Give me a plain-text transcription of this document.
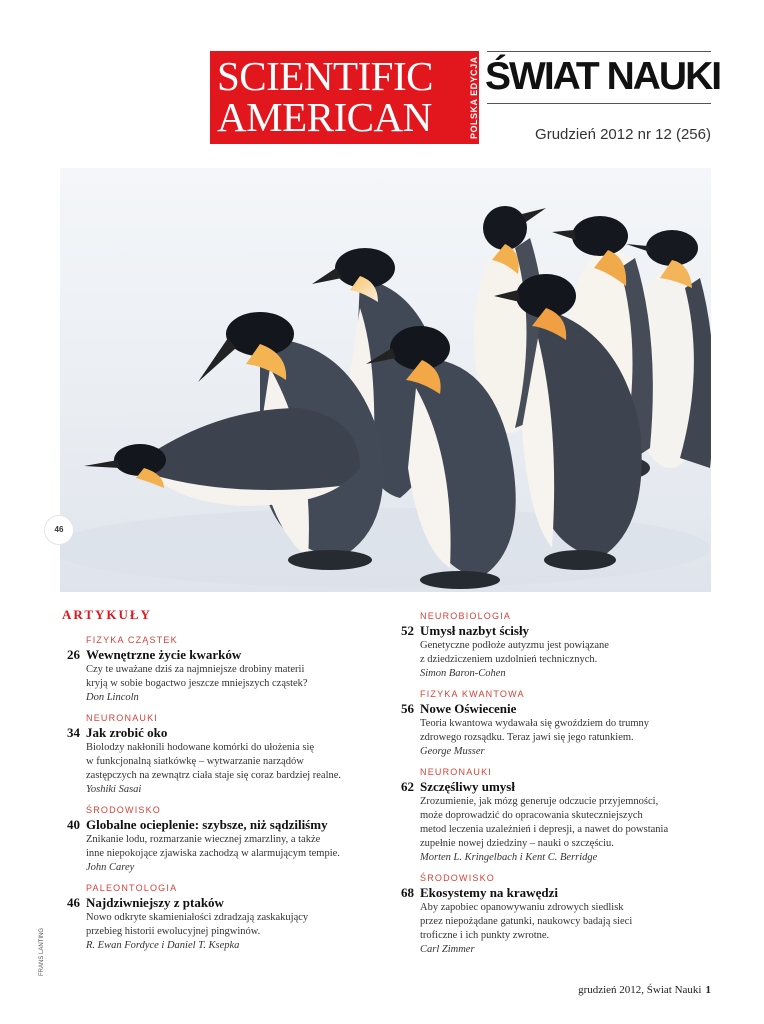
SCIENTIFIC
AMERICAN	POLSKA EDYCJA ŚWIAT NAUKI
Grudzień 2012 nr 12 (256)
46
FRANS LANTING
ARTYKUŁY
FIZYKA CZĄSTEK
26 Wewnętrzne życie kwarków
Czy te uważane dziś za najmniejsze drobiny materii
kryją w sobie bogactwo jeszcze mniejszych cząstek?
Don Lincoln
NEURONAUKI
34 Jak zrobić oko
Biolodzy nakłonili hodowane komórki do ułożenia się
w funkcjonalną siatkówkę – wytwarzanie narządów
zastępczych na zewnątrz ciała staje się coraz bardziej realne.
Yoshiki Sasai
ŚRODOWISKO
40 Globalne ocieplenie: szybsze, niż sądziliśmy
Znikanie lodu, rozmarzanie wiecznej zmarzliny, a także
inne niepokojące zjawiska zachodzą w alarmującym tempie.
John Carey
PALEONTOLOGIA
46 Najdziwniejszy z ptaków
Nowo odkryte skamieniałości zdradzają zaskakujący
przebieg historii ewolucyjnej pingwinów.
R. Ewan Fordyce i Daniel T. Ksepka
NEUROBIOLOGIA
52 Umysł nazbyt ścisły
Genetyczne podłoże autyzmu jest powiązane
z dziedziczeniem uzdolnień technicznych.
Simon Baron-Cohen
FIZYKA KWANTOWA
56 Nowe Oświecenie
Teoria kwantowa wydawała się gwoździem do trumny
zdrowego rozsądku. Teraz jawi się jego ratunkiem.
George Musser
NEURONAUKI
62 Szczęśliwy umysł
Zrozumienie, jak mózg generuje odczucie przyjemności,
może doprowadzić do opracowania skuteczniejszych
metod leczenia uzależnień i depresji, a nawet do powstania
zupełnie nowej dziedziny – nauki o szczęściu.
Morten L. Kringelbach i Kent C. Berridge
ŚRODOWISKO
68 Ekosystemy na krawędzi
Aby zapobiec opanowywaniu zdrowych siedlisk
przez niepożądane gatunki, naukowcy badają sieci
troficzne i ich punkty zwrotne.
Carl Zimmer
grudzień 2012, Świat Nauki 1
